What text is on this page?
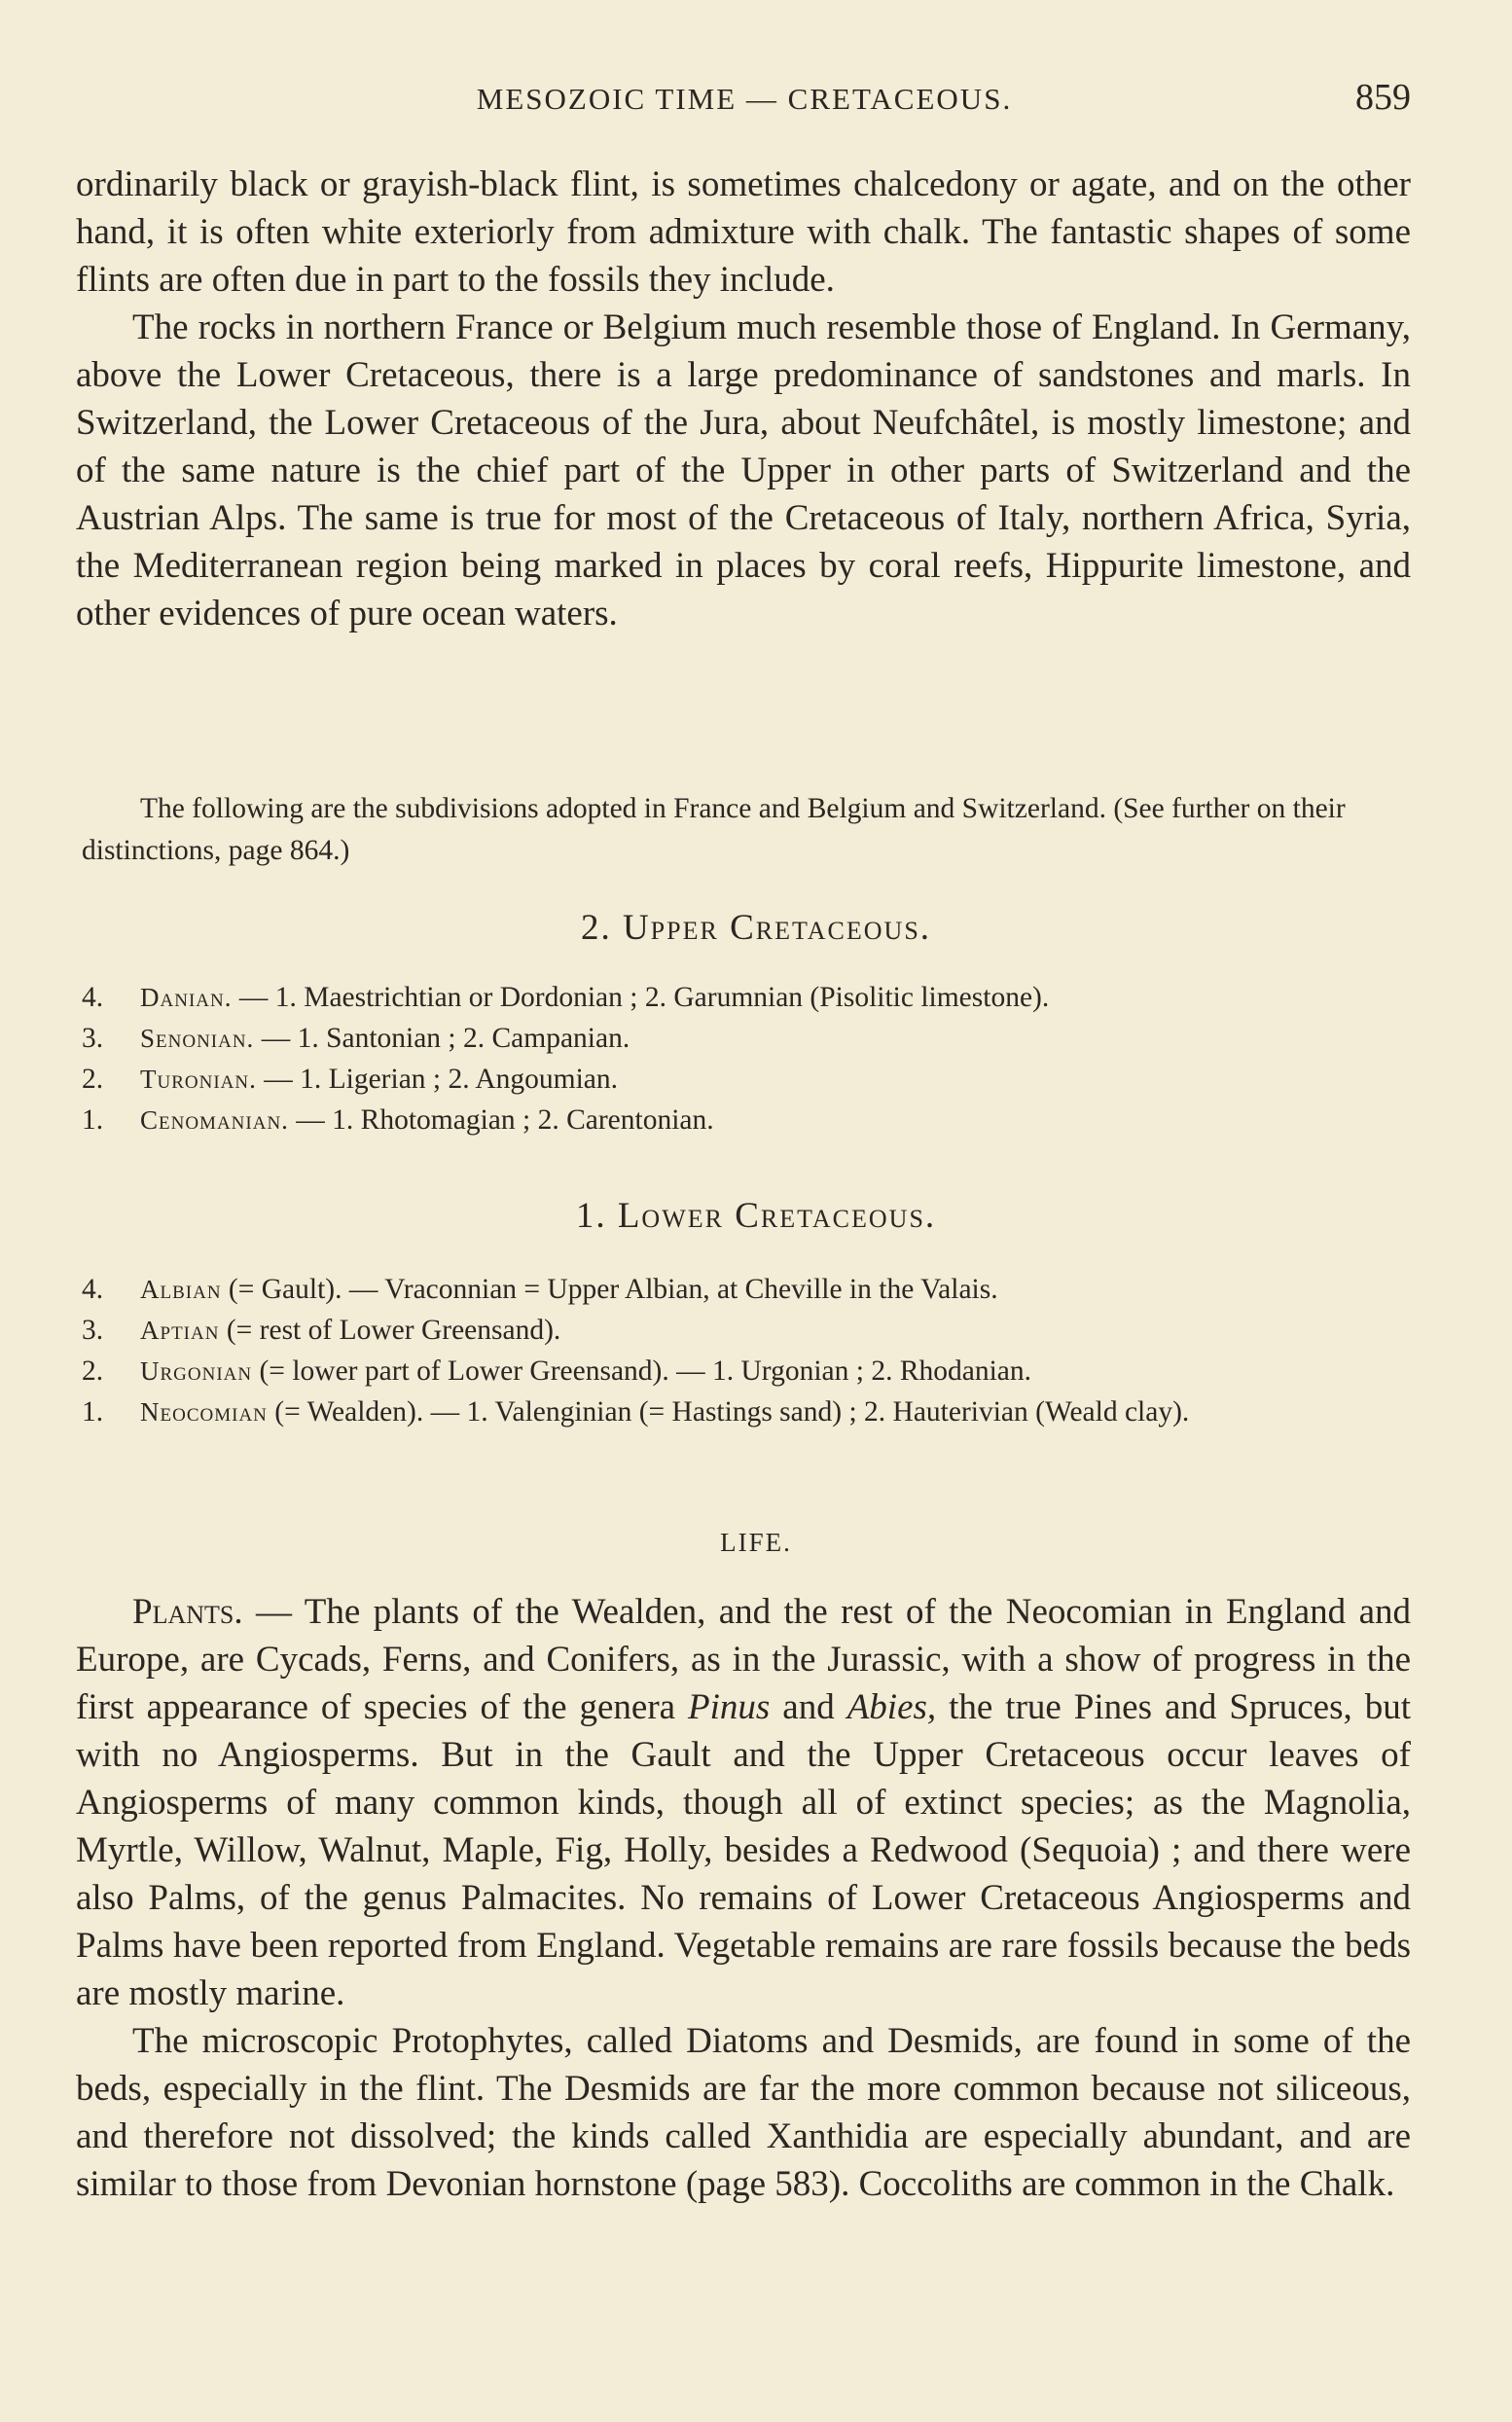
MESOZOIC TIME — CRETACEOUS.	859

ordinarily black or grayish-black flint, is sometimes chalcedony or agate, and on the other hand, it is often white exteriorly from admixture with chalk. The fantastic shapes of some flints are often due in part to the fossils they include.

The rocks in northern France or Belgium much resemble those of England. In Germany, above the Lower Cretaceous, there is a large predominance of sandstones and marls. In Switzerland, the Lower Cretaceous of the Jura, about Neufchâtel, is mostly limestone; and of the same nature is the chief part of the Upper in other parts of Switzerland and the Austrian Alps. The same is true for most of the Cretaceous of Italy, northern Africa, Syria, the Mediterranean region being marked in places by coral reefs, Hippurite limestone, and other evidences of pure ocean waters.

The following are the subdivisions adopted in France and Belgium and Switzerland. (See further on their distinctions, page 864.)

2. Upper Cretaceous.
4. Danian. — 1. Maestrichtian or Dordonian ; 2. Garumnian (Pisolitic limestone).
3. Senonian. — 1. Santonian ; 2. Campanian.
2. Turonian. — 1. Ligerian ; 2. Angoumian.
1. Cenomanian. — 1. Rhotomagian ; 2. Carentonian.
1. Lower Cretaceous.
4. Albian (= Gault). — Vraconnian = Upper Albian, at Cheville in the Valais.
3. Aptian (= rest of Lower Greensand).
2. Urgonian (= lower part of Lower Greensand). — 1. Urgonian ; 2. Rhodanian.
1. Neocomian (= Wealden). — 1. Valenginian (= Hastings sand) ; 2. Hauterivian (Weald clay).
LIFE.

Plants. — The plants of the Wealden, and the rest of the Neocomian in England and Europe, are Cycads, Ferns, and Conifers, as in the Jurassic, with a show of progress in the first appearance of species of the genera Pinus and Abies, the true Pines and Spruces, but with no Angiosperms. But in the Gault and the Upper Cretaceous occur leaves of Angiosperms of many common kinds, though all of extinct species; as the Magnolia, Myrtle, Willow, Walnut, Maple, Fig, Holly, besides a Redwood (Sequoia) ; and there were also Palms, of the genus Palmacites. No remains of Lower Cretaceous Angiosperms and Palms have been reported from England. Vegetable remains are rare fossils because the beds are mostly marine.

The microscopic Protophytes, called Diatoms and Desmids, are found in some of the beds, especially in the flint. The Desmids are far the more common because not siliceous, and therefore not dissolved; the kinds called Xanthidia are especially abundant, and are similar to those from Devonian hornstone (page 583). Coccoliths are common in the Chalk.
